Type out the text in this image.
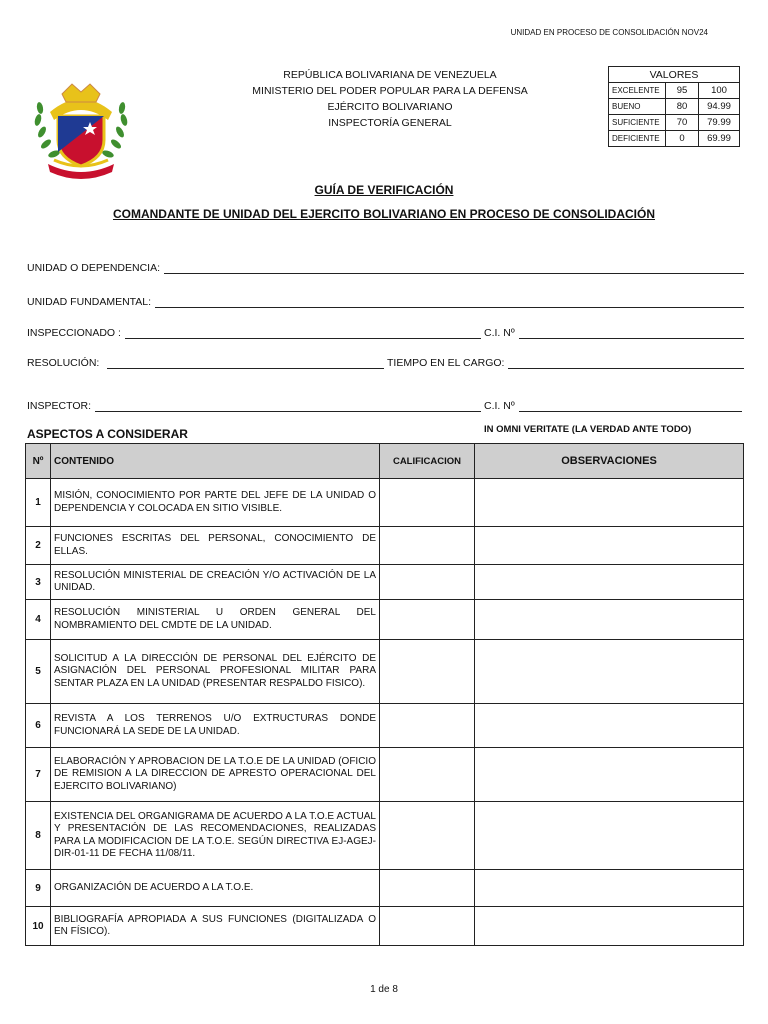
UNIDAD EN PROCESO DE CONSOLIDACIÓN NOV24
REPÚBLICA BOLIVARIANA DE VENEZUELA
MINISTERIO DEL PODER POPULAR PARA LA DEFENSA
EJÉRCITO BOLIVARIANO
INSPECTORÍA GENERAL
VALORES		
EXCELENTE	95	100
BUENO	80	94.99
SUFICIENTE	70	79.99
DEFICIENTE	0	69.99
GUÍA DE VERIFICACIÓN
COMANDANTE DE UNIDAD DEL EJERCITO BOLIVARIANO EN PROCESO DE CONSOLIDACIÓN
UNIDAD O DEPENDENCIA:
UNIDAD FUNDAMENTAL:
INSPECCIONADO :	C.I. Nº
RESOLUCIÓN:	TIEMPO EN EL CARGO:
INSPECTOR:	C.I. Nº
ASPECTOS A CONSIDERAR	IN OMNI VERITATE (LA VERDAD ANTE TODO)
Nº	CONTENIDO	CALIFICACION	OBSERVACIONES
1	MISIÓN, CONOCIMIENTO POR PARTE DEL JEFE DE LA UNIDAD O DEPENDENCIA Y COLOCADA EN SITIO VISIBLE.		
2	FUNCIONES ESCRITAS DEL PERSONAL, CONOCIMIENTO DE ELLAS.		
3	RESOLUCIÓN MINISTERIAL DE CREACIÓN Y/O ACTIVACIÓN DE LA UNIDAD.		
4	RESOLUCIÓN MINISTERIAL U ORDEN GENERAL DEL NOMBRAMIENTO DEL CMDTE DE LA UNIDAD.		
5	SOLICITUD A LA DIRECCIÓN DE PERSONAL DEL EJÉRCITO DE ASIGNACIÓN DEL PERSONAL PROFESIONAL MILITAR PARA SENTAR PLAZA EN LA UNIDAD (PRESENTAR RESPALDO FISICO).		
6	REVISTA A LOS TERRENOS U/O EXTRUCTURAS DONDE FUNCIONARÁ LA SEDE DE LA UNIDAD.		
7	ELABORACIÓN Y APROBACION DE LA T.O.E DE LA UNIDAD (OFICIO DE REMISION A LA DIRECCION DE APRESTO OPERACIONAL DEL EJERCITO BOLIVARIANO)		
8	EXISTENCIA DEL ORGANIGRAMA DE ACUERDO A LA T.O.E ACTUAL Y PRESENTACIÓN DE LAS RECOMENDACIONES, REALIZADAS PARA LA MODIFICACION DE LA T.O.E. SEGÚN DIRECTIVA EJ-AGEJ-DIR-01-11 DE FECHA 11/08/11.		
9	ORGANIZACIÓN DE ACUERDO A LA T.O.E.		
10	BIBLIOGRAFÍA APROPIADA A SUS FUNCIONES (DIGITALIZADA O EN FÍSICO).		
1 de 8
